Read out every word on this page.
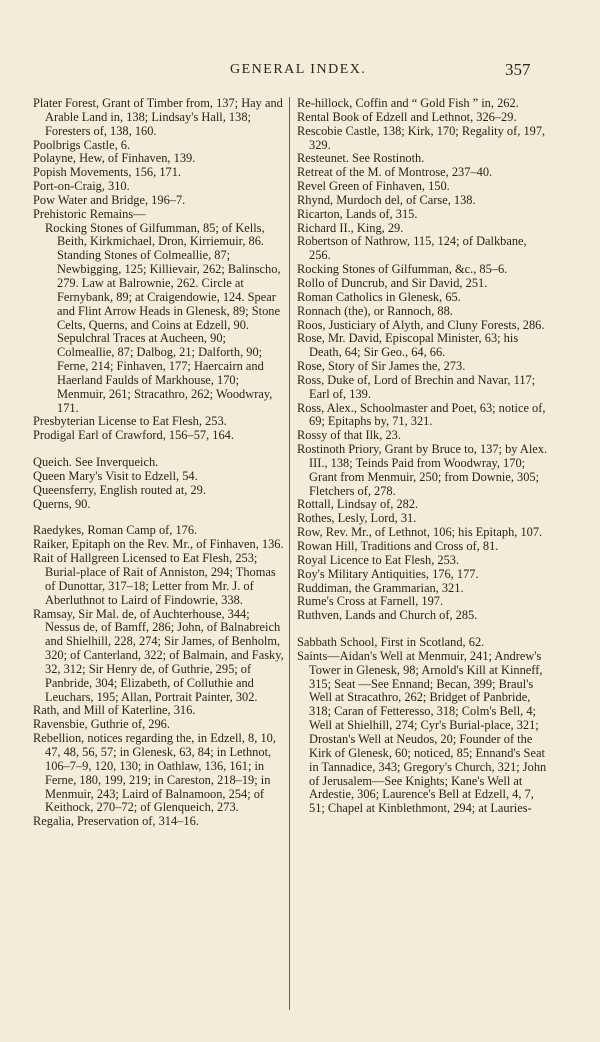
GENERAL INDEX.	357

Plater Forest, Grant of Timber from, 137; Hay and Arable Land in, 138; Lindsay's Hall, 138; Foresters of, 138, 160.

Poolbrigs Castle, 6.

Polayne, Hew, of Finhaven, 139.

Popish Movements, 156, 171.

Port-on-Craig, 310.

Pow Water and Bridge, 196–7.

Prehistoric Remains—

Rocking Stones of Gilfumman, 85; of Kells, Beith, Kirkmichael, Dron, Kirriemuir, 86. Standing Stones of Colmeallie, 87; Newbigging, 125; Killievair, 262; Balinscho, 279. Law at Balrownie, 262. Circle at Fernybank, 89; at Craigendowie, 124. Spear and Flint Arrow Heads in Glenesk, 89; Stone Celts, Querns, and Coins at Edzell, 90. Sepulchral Traces at Aucheen, 90; Colmeallie, 87; Dalbog, 21; Dalforth, 90; Ferne, 214; Finhaven, 177; Haercairn and Haerland Faulds of Markhouse, 170; Menmuir, 261; Stracathro, 262; Woodwray, 171.

Presbyterian License to Eat Flesh, 253.

Prodigal Earl of Crawford, 156–57, 164.

Queich. See Inverqueich.

Queen Mary's Visit to Edzell, 54.

Queensferry, English routed at, 29.

Querns, 90.

Raedykes, Roman Camp of, 176.

Raiker, Epitaph on the Rev. Mr., of Finhaven, 136.

Rait of Hallgreen Licensed to Eat Flesh, 253; Burial-place of Rait of Anniston, 294; Thomas of Dunottar, 317–18; Letter from Mr. J. of Aberluthnot to Laird of Findowrie, 338.

Ramsay, Sir Mal. de, of Auchterhouse, 344; Nessus de, of Bamff, 286; John, of Balnabreich and Shielhill, 228, 274; Sir James, of Benholm, 320; of Canterland, 322; of Balmain, and Fasky, 32, 312; Sir Henry de, of Guthrie, 295; of Panbride, 304; Elizabeth, of Colluthie and Leuchars, 195; Allan, Portrait Painter, 302.

Rath, and Mill of Katerline, 316.

Ravensbie, Guthrie of, 296.

Rebellion, notices regarding the, in Edzell, 8, 10, 47, 48, 56, 57; in Glenesk, 63, 84; in Lethnot, 106–7–9, 120, 130; in Oathlaw, 136, 161; in Ferne, 180, 199, 219; in Careston, 218–19; in Menmuir, 243; Laird of Balnamoon, 254; of Keithock, 270–72; of Glenqueich, 273.

Regalia, Preservation of, 314–16.

Re-hillock, Coffin and “ Gold Fish ” in, 262.

Rental Book of Edzell and Lethnot, 326–29.

Rescobie Castle, 138; Kirk, 170; Regality of, 197, 329.

Resteunet. See Rostinoth.

Retreat of the M. of Montrose, 237–40.

Revel Green of Finhaven, 150.

Rhynd, Murdoch del, of Carse, 138.

Ricarton, Lands of, 315.

Richard II., King, 29.

Robertson of Nathrow, 115, 124; of Dalkbane, 256.

Rocking Stones of Gilfumman, &c., 85–6.

Rollo of Duncrub, and Sir David, 251.

Roman Catholics in Glenesk, 65.

Ronnach (the), or Rannoch, 88.

Roos, Justiciary of Alyth, and Cluny Forests, 286.

Rose, Mr. David, Episcopal Minister, 63; his Death, 64; Sir Geo., 64, 66.

Rose, Story of Sir James the, 273.

Ross, Duke of, Lord of Brechin and Navar, 117; Earl of, 139.

Ross, Alex., Schoolmaster and Poet, 63; notice of, 69; Epitaphs by, 71, 321.

Rossy of that Ilk, 23.

Rostinoth Priory, Grant by Bruce to, 137; by Alex. III., 138; Teinds Paid from Woodwray, 170; Grant from Menmuir, 250; from Downie, 305; Fletchers of, 278.

Rottall, Lindsay of, 282.

Rothes, Lesly, Lord, 31.

Row, Rev. Mr., of Lethnot, 106; his Epitaph, 107.

Rowan Hill, Traditions and Cross of, 81.

Royal Licence to Eat Flesh, 253.

Roy's Military Antiquities, 176, 177.

Ruddiman, the Grammarian, 321.

Rume's Cross at Farnell, 197.

Ruthven, Lands and Church of, 285.

Sabbath School, First in Scotland, 62.

Saints—Aidan's Well at Menmuir, 241; Andrew's Tower in Glenesk, 98; Arnold's Kill at Kinneff, 315; Seat —See Ennand; Becan, 399; Braul's Well at Stracathro, 262; Bridget of Panbride, 318; Caran of Fetteresso, 318; Colm's Bell, 4; Well at Shielhill, 274; Cyr's Burial-place, 321; Drostan's Well at Neudos, 20; Founder of the Kirk of Glenesk, 60; noticed, 85; Ennand's Seat in Tannadice, 343; Gregory's Church, 321; John of Jerusalem—See Knights; Kane's Well at Ardestie, 306; Laurence's Bell at Edzell, 4, 7, 51; Chapel at Kinblethmont, 294; at Lauries-
